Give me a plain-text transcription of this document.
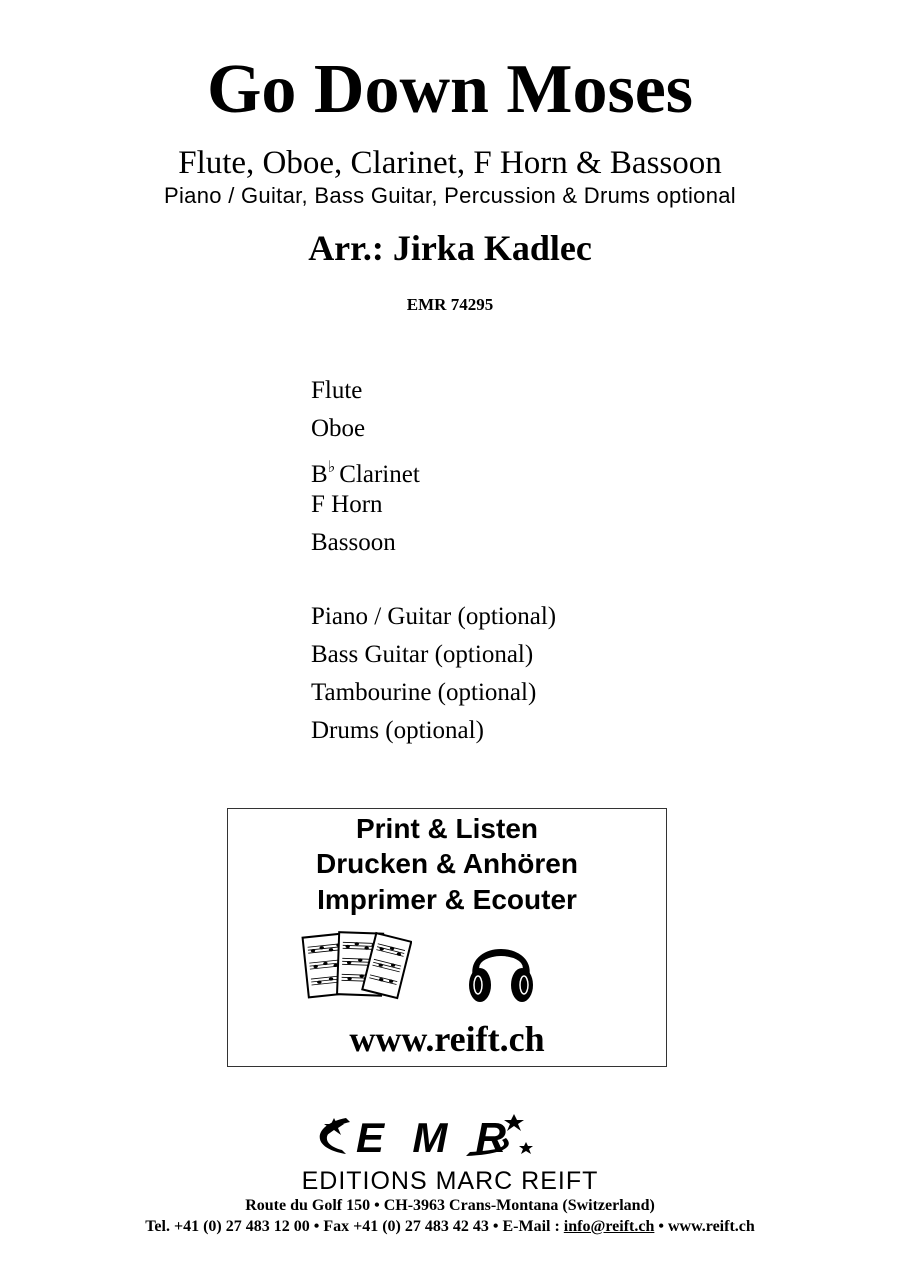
Go Down Moses
Flute, Oboe, Clarinet, F Horn & Bassoon
Piano / Guitar, Bass Guitar, Percussion & Drums optional
Arr.: Jirka Kadlec
EMR 74295
Flute
Oboe
B♭ Clarinet
F Horn
Bassoon
Piano / Guitar (optional)
Bass Guitar (optional)
Tambourine (optional)
Drums (optional)
Print & Listen
Drucken & Anhören
Imprimer & Ecouter
www.reift.ch
EMR
EDITIONS MARC REIFT
Route du Golf 150 • CH-3963 Crans-Montana (Switzerland)
Tel. +41 (0) 27 483 12 00 • Fax +41 (0) 27 483 42 43 • E-Mail : info@reift.ch • www.reift.ch
